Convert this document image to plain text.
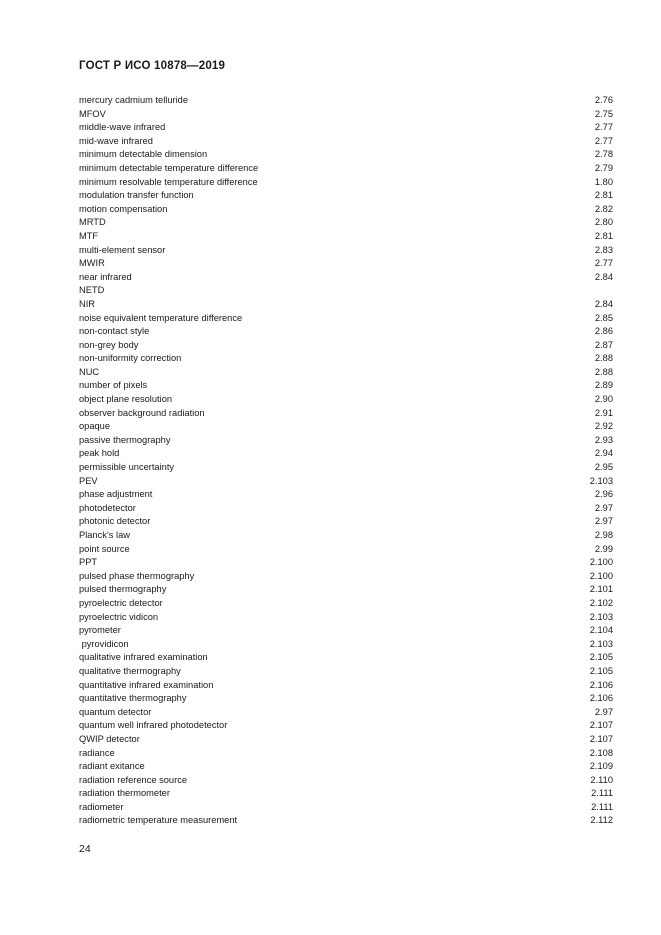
ГОСТ Р ИСО 10878—2019
mercury cadmium telluride	2.76
MFOV	2.75
middle-wave infrared	2.77
mid-wave infrared	2.77
minimum detectable dimension	2.78
minimum detectable temperature difference	2.79
minimum resolvable temperature difference	1.80
modulation transfer function	2.81
motion compensation	2.82
MRTD	2.80
MTF	2.81
multi-element sensor	2.83
MWIR	2.77
near infrared	2.84
NETD
NIR	2.84
noise equivalent temperature difference	2.85
non-contact style	2.86
non-grey body	2.87
non-uniformity correction	2.88
NUC	2.88
number of pixels	2.89
object plane resolution	2.90
observer background radiation	2.91
opaque	2.92
passive thermography	2.93
peak hold	2.94
permissible uncertainty	2.95
PEV	2.103
phase adjustment	2.96
photodetector	2.97
photonic detector	2.97
Planck’s law	2.98
point source	2.99
PPT	2.100
pulsed phase thermography	2.100
pulsed thermography	2.101
pyroelectric detector	2.102
pyroelectric vidicon	2.103
pyrometer	2.104
pyrovidicon	2.103
qualitative infrared examination	2.105
qualitative thermography	2.105
quantitative infrared examination	2.106
quantitative thermography	2.106
quantum detector	2.97
quantum well infrared photodetector	2.107
QWIP detector	2.107
radiance	2.108
radiant exitance	2.109
radiation reference source	2.110
radiation thermometer	2.111
radiometer	2.111
radiometric temperature measurement	2.112
24
